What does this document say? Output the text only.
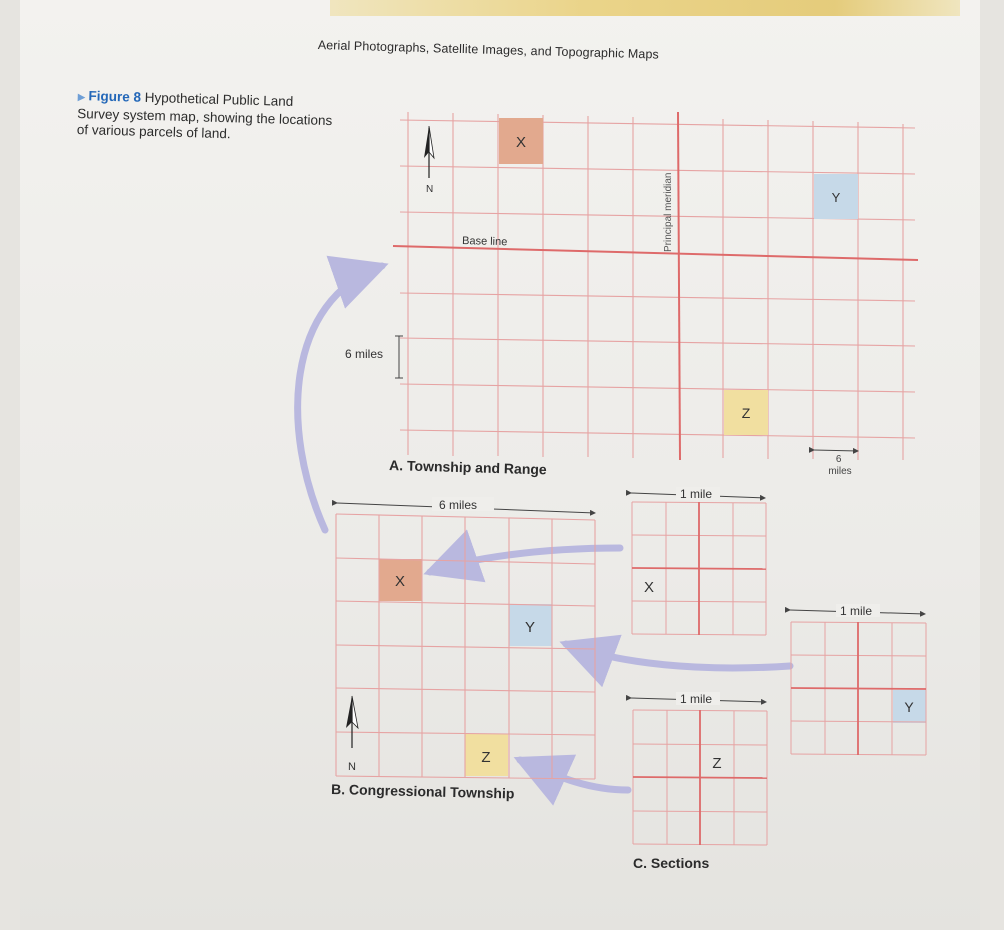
Aerial Photographs, Satellite Images, and Topographic Maps
▶ Figure 8 Hypothetical Public Land Survey system map, showing the locations of various parcels of land.
X
Y
Z
N
Base line	Principal meridian
6 miles
6 miles
A. Township and Range
6 miles
X
Y
Z
N
B. Congressional Township
1 mile
X
1 mile
Y
1 mile
Z
C. Sections
